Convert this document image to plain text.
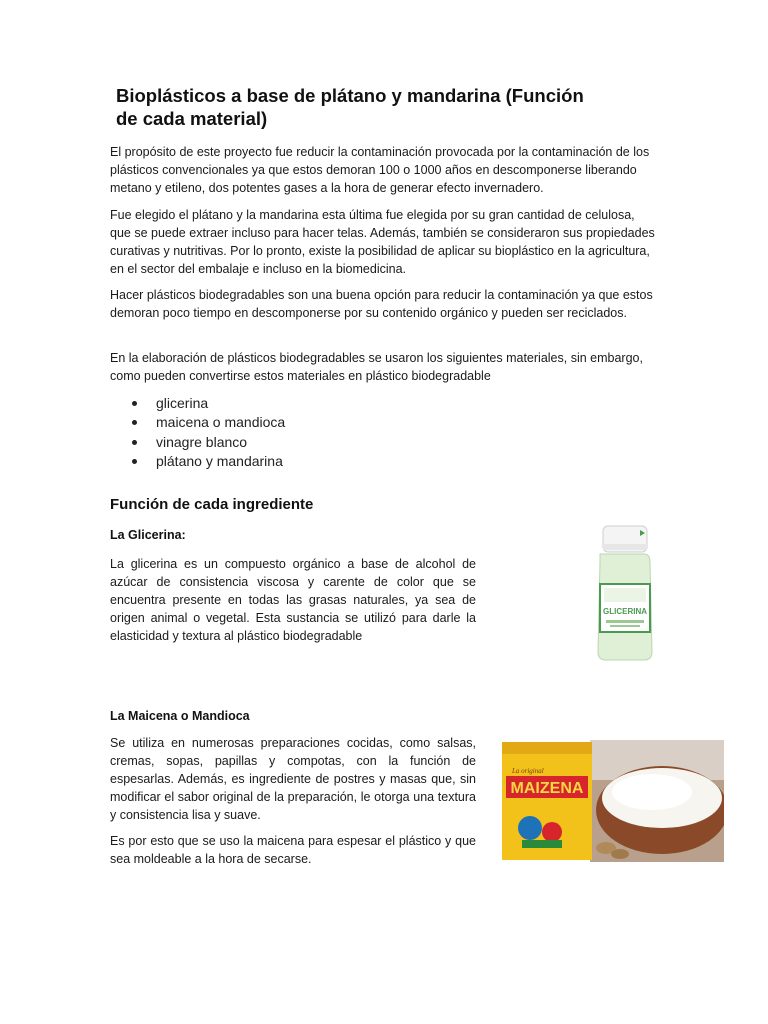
Bioplásticos a base de plátano y mandarina (Función de cada material)
El propósito de este proyecto fue reducir la contaminación provocada por la contaminación de los plásticos convencionales ya que estos demoran 100 o 1000 años en descomponerse liberando metano y etileno, dos potentes gases a la hora de generar efecto invernadero.
Fue elegido el plátano y la mandarina esta última fue elegida por su gran cantidad de celulosa, que se puede extraer incluso para hacer telas. Además, también se consideraron sus propiedades curativas y nutritivas. Por lo pronto, existe la posibilidad de aplicar su bioplástico en la agricultura, en el sector del embalaje e incluso en la biomedicina.
Hacer plásticos biodegradables son una buena opción para reducir la contaminación ya que estos demoran poco tiempo en descomponerse por su contenido orgánico y pueden ser reciclados.
En la elaboración de plásticos biodegradables se usaron los siguientes materiales, sin embargo, como pueden convertirse estos materiales en plástico biodegradable
glicerina
maicena o mandioca
vinagre blanco
plátano y mandarina
Función de cada ingrediente
La Glicerina:
La glicerina es un compuesto orgánico a base de alcohol de azúcar de consistencia viscosa y carente de color que se encuentra presente en todas las grasas naturales, ya sea de origen animal o vegetal. Esta sustancia se utilizó para darle la elasticidad y textura al plástico biodegradable
GLICERINA
La Maicena o Mandioca
Se utiliza en numerosas preparaciones cocidas, como salsas, cremas, sopas, papillas y compotas, con la función de espesarlas. Además, es ingrediente de postres y masas que, sin modificar el sabor original de la preparación, le otorga una textura y consistencia lisa y suave.
Es por esto que se uso la maicena para espesar el plástico y que sea moldeable a la hora de secarse.
La original
MAIZENA
